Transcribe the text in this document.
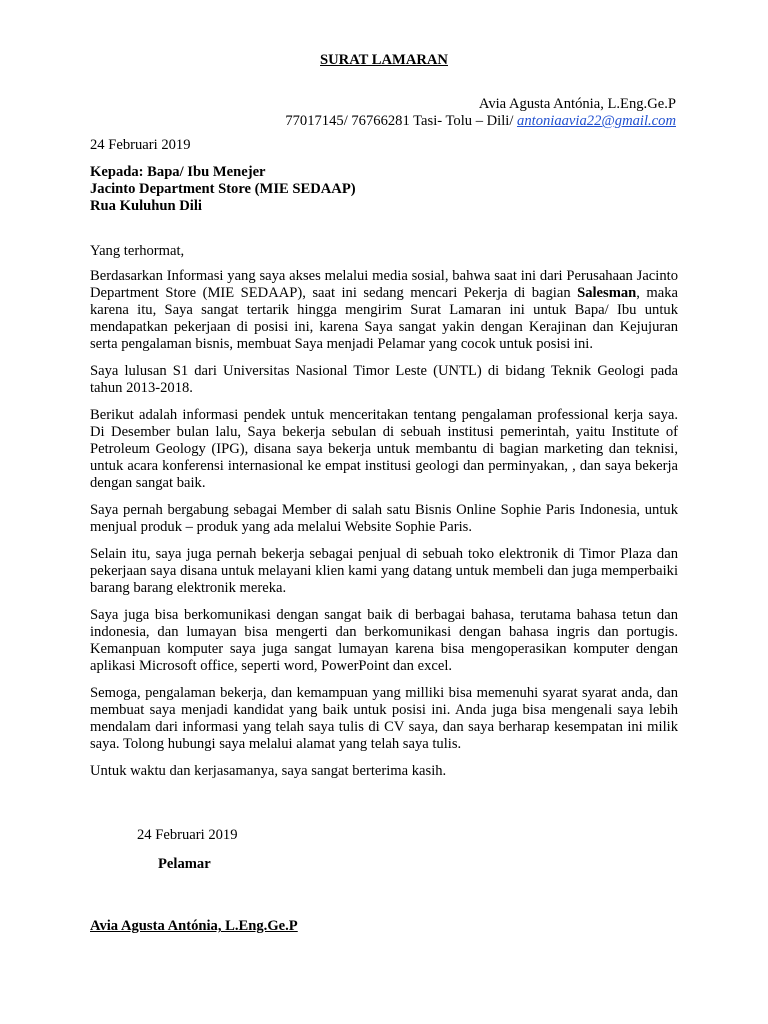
SURAT LAMARAN
Avia Agusta Antónia, L.Eng.Ge.P
77017145/ 76766281 Tasi- Tolu – Dili/ antoniaavia22@gmail.com
24 Februari 2019
Kepada: Bapa/ Ibu Menejer
Jacinto Department Store (MIE SEDAAP)
Rua Kuluhun Dili
Yang terhormat,

Berdasarkan Informasi yang saya akses melalui media sosial, bahwa saat ini dari Perusahaan Jacinto Department Store (MIE SEDAAP), saat ini sedang mencari Pekerja di bagian Salesman, maka karena itu, Saya sangat tertarik hingga mengirim Surat Lamaran ini untuk Bapa/ Ibu untuk mendapatkan pekerjaan di posisi ini, karena Saya sangat yakin dengan Kerajinan dan Kejujuran serta pengalaman bisnis, membuat Saya menjadi Pelamar yang cocok untuk posisi ini.

Saya lulusan S1 dari Universitas Nasional Timor Leste (UNTL) di bidang Teknik Geologi pada tahun 2013-2018.

Berikut adalah informasi pendek untuk menceritakan tentang pengalaman professional kerja saya. Di Desember bulan lalu, Saya bekerja sebulan di sebuah institusi pemerintah, yaitu Institute of Petroleum Geology (IPG), disana saya bekerja untuk membantu di bagian marketing dan teknisi, untuk acara konferensi internasional ke empat institusi geologi dan perminyakan, , dan saya bekerja dengan sangat baik.

Saya pernah bergabung sebagai Member di salah satu Bisnis Online Sophie Paris Indonesia, untuk menjual produk – produk yang ada melalui Website Sophie Paris.

Selain itu, saya juga pernah bekerja sebagai penjual di sebuah toko elektronik di Timor Plaza dan pekerjaan saya disana untuk melayani klien kami yang datang untuk membeli dan juga memperbaiki barang barang elektronik mereka.

Saya juga bisa berkomunikasi dengan sangat baik di berbagai bahasa, terutama bahasa tetun dan indonesia, dan lumayan bisa mengerti dan berkomunikasi dengan bahasa ingris dan portugis. Kemanpuan komputer saya juga sangat lumayan karena bisa mengoperasikan komputer dengan aplikasi Microsoft office, seperti word, PowerPoint dan excel.

Semoga, pengalaman bekerja, dan kemampuan yang milliki bisa memenuhi syarat syarat anda, dan membuat saya menjadi kandidat yang baik untuk posisi ini. Anda juga bisa mengenali saya lebih mendalam dari informasi yang telah saya tulis di CV saya, dan saya berharap kesempatan ini milik saya. Tolong hubungi saya melalui alamat yang telah saya tulis.

Untuk waktu dan kerjasamanya, saya sangat berterima kasih.

24 Februari 2019
Pelamar
Avia Agusta Antónia, L.Eng.Ge.P
